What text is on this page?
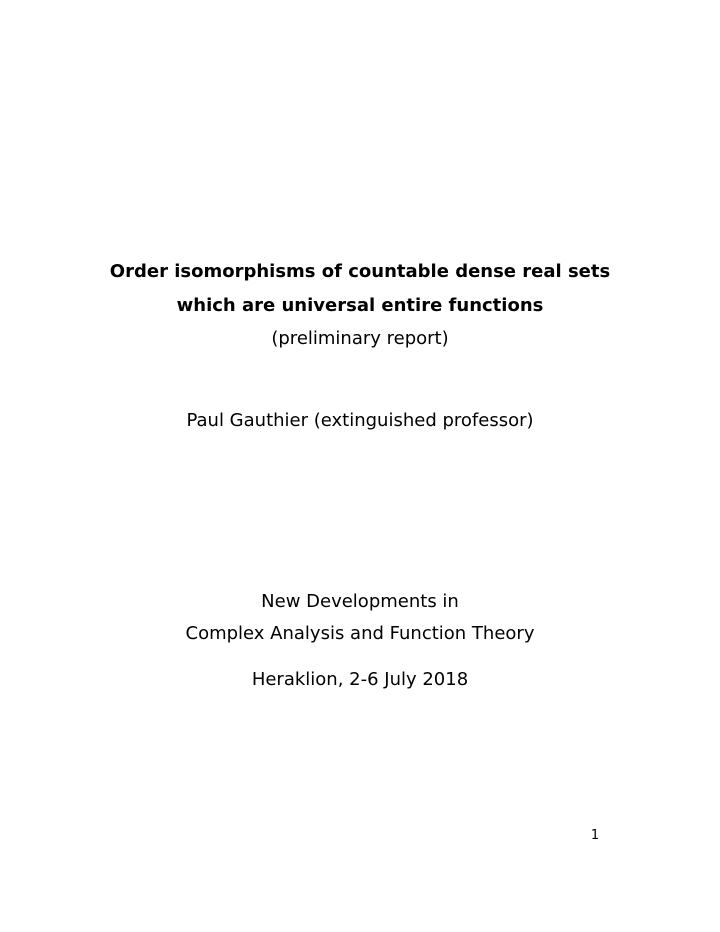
Order isomorphisms of countable dense real sets
which are universal entire functions
(preliminary report)
Paul Gauthier (extinguished professor)
New Developments in
Complex Analysis and Function Theory
Heraklion, 2-6 July 2018
1
